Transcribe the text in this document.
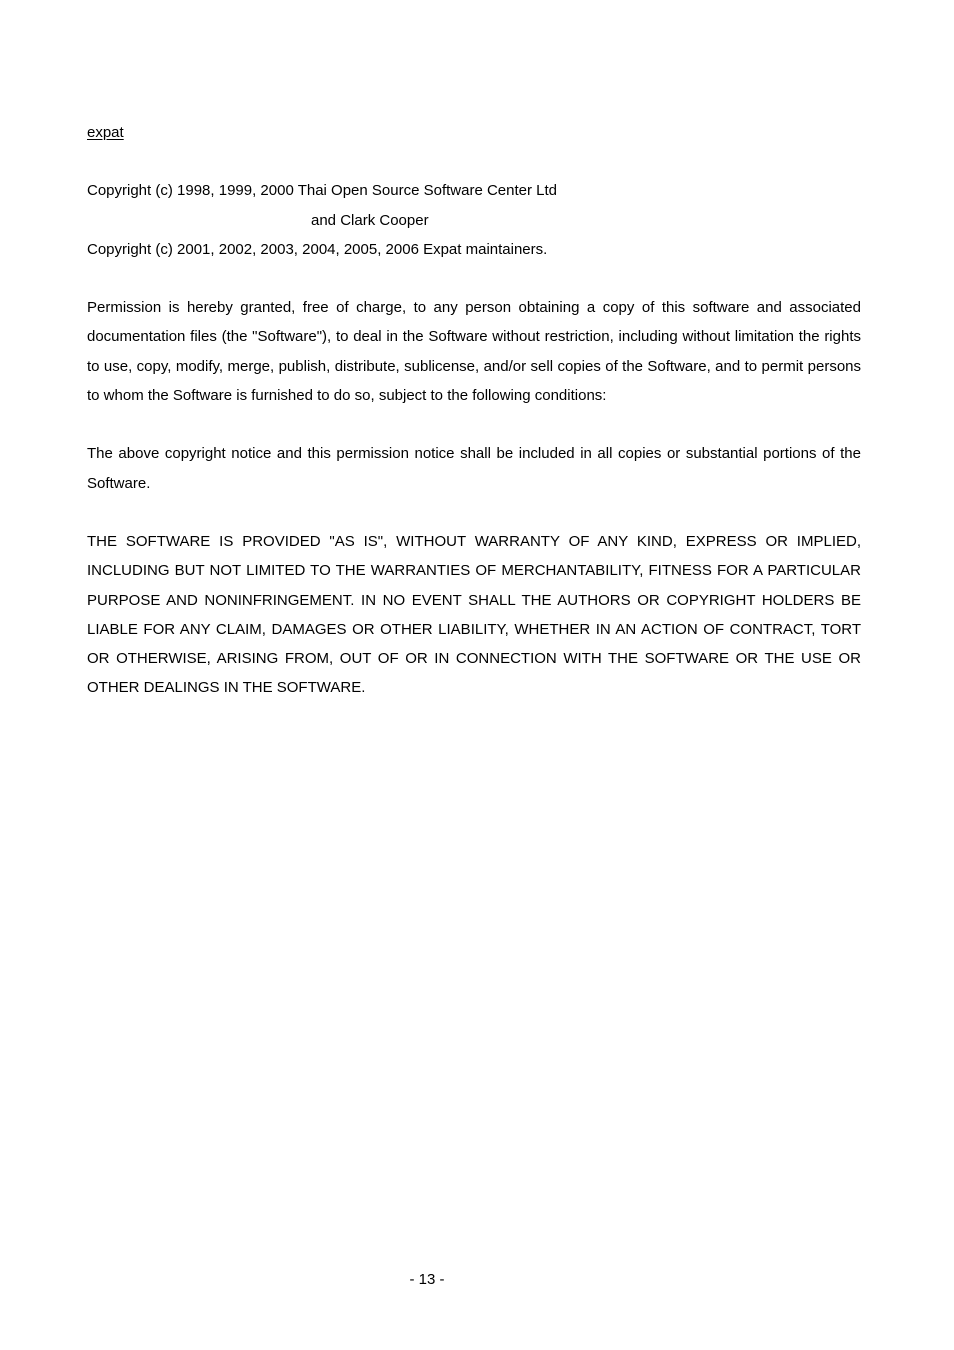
expat

Copyright (c) 1998, 1999, 2000 Thai Open Source Software Center Ltd
and Clark Cooper
Copyright (c) 2001, 2002, 2003, 2004, 2005, 2006 Expat maintainers.

Permission is hereby granted, free of charge, to any person obtaining a copy of this software and associated documentation files (the "Software"), to deal in the Software without restriction, including without limitation the rights to use, copy, modify, merge, publish, distribute, sublicense, and/or sell copies of the Software, and to permit persons to whom the Software is furnished to do so, subject to the following conditions:

The above copyright notice and this permission notice shall be included in all copies or substantial portions of the Software.

THE SOFTWARE IS PROVIDED "AS IS", WITHOUT WARRANTY OF ANY KIND, EXPRESS OR IMPLIED, INCLUDING BUT NOT LIMITED TO THE WARRANTIES OF MERCHANTABILITY, FITNESS FOR A PARTICULAR PURPOSE AND NONINFRINGEMENT. IN NO EVENT SHALL THE AUTHORS OR COPYRIGHT HOLDERS BE LIABLE FOR ANY CLAIM, DAMAGES OR OTHER LIABILITY, WHETHER IN AN ACTION OF CONTRACT, TORT OR OTHERWISE, ARISING FROM, OUT OF OR IN CONNECTION WITH THE SOFTWARE OR THE USE OR OTHER DEALINGS IN THE SOFTWARE.

- 13 -
